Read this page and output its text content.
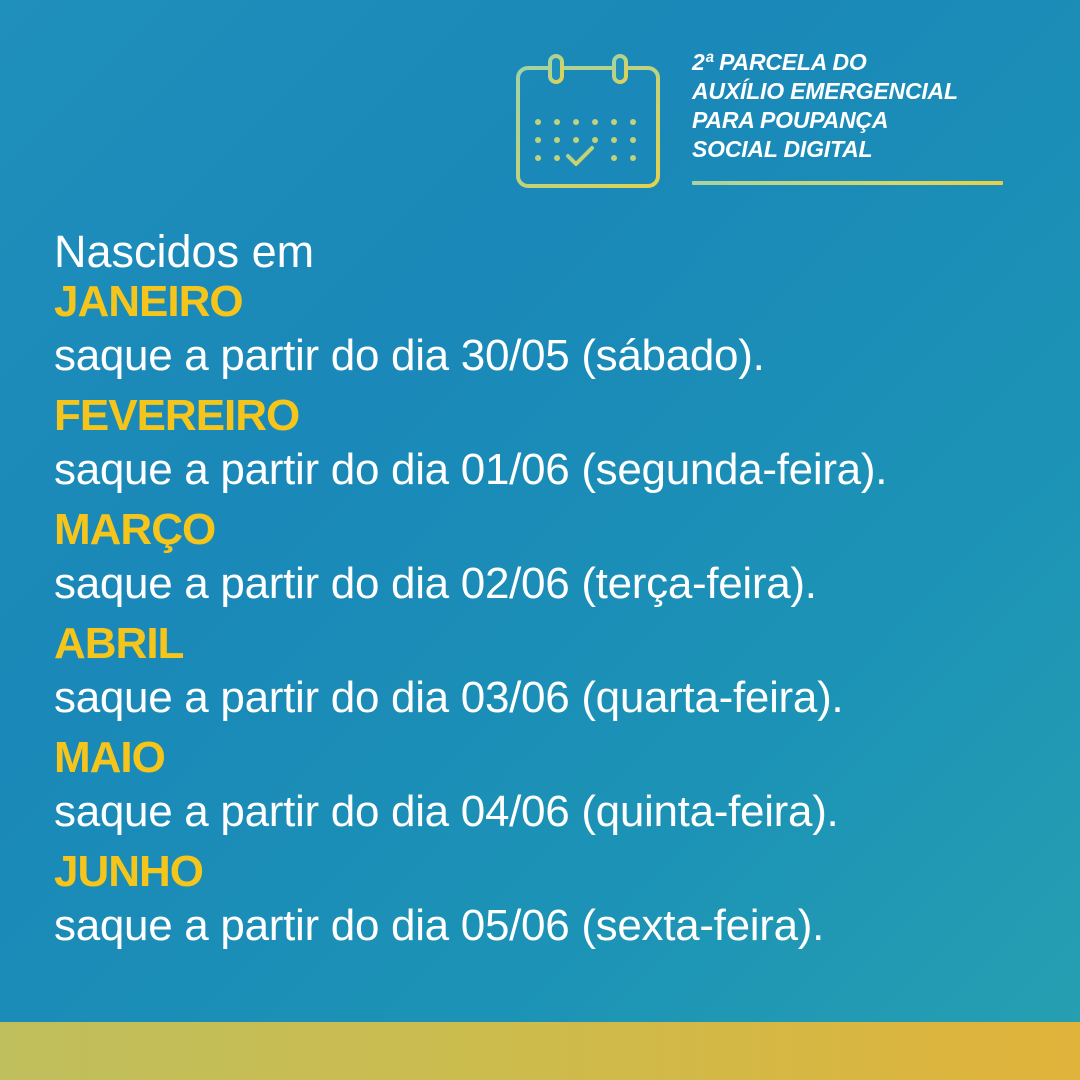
2ª PARCELA DO
AUXÍLIO EMERGENCIAL
PARA POUPANÇA
SOCIAL DIGITAL
Nascidos em
JANEIRO
saque a partir do dia 30/05 (sábado).
FEVEREIRO
saque a partir do dia 01/06 (segunda-feira).
MARÇO
saque a partir do dia 02/06 (terça-feira).
ABRIL
saque a partir do dia 03/06 (quarta-feira).
MAIO
saque a partir do dia 04/06 (quinta-feira).
JUNHO
saque a partir do dia 05/06 (sexta-feira).
